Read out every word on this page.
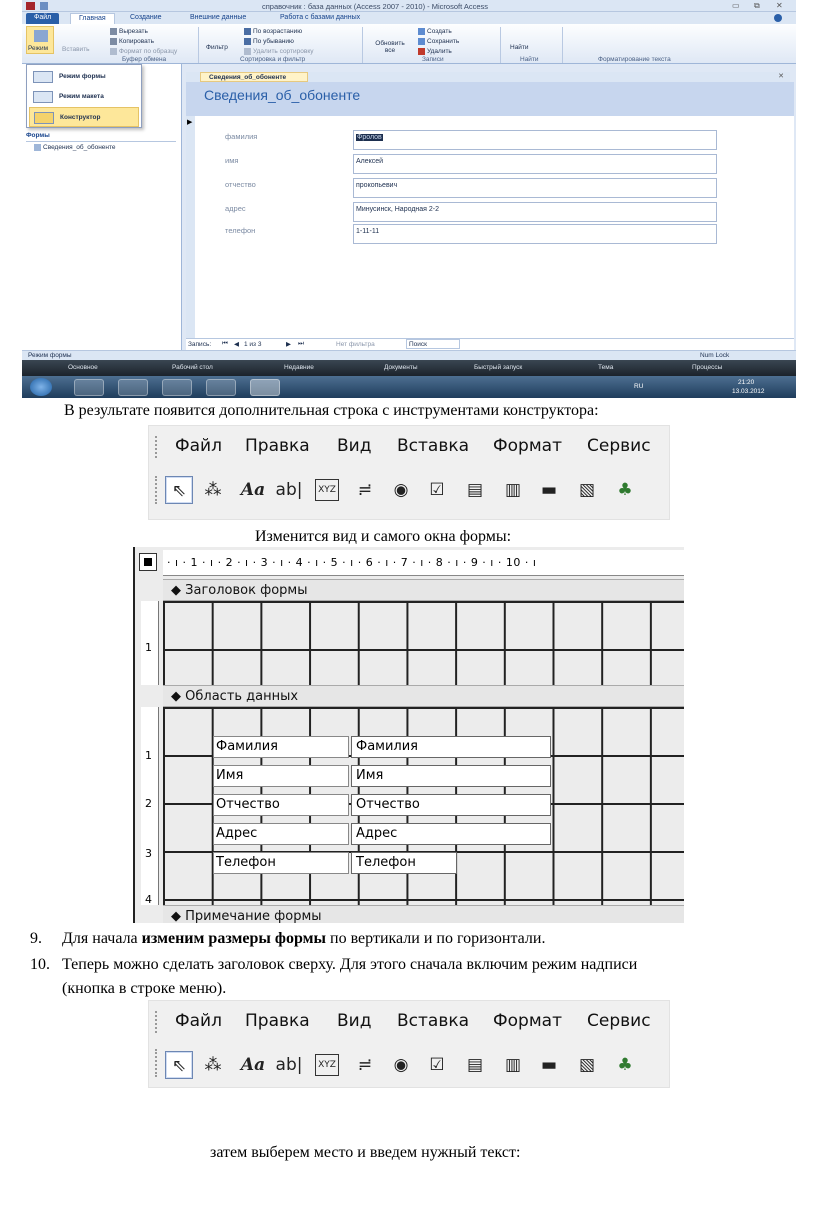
справочник : база данных (Access 2007 - 2010) - Microsoft Access	▭ ⧉ ✕
Файл	Главная	Создание	Внешние данные	Работа с базами данных
Режим Вставить
Вырезать
Копировать
Формат по образцу
Буфер обмена
Фильтр
По возрастанию
По убыванию
Удалить сортировку
Сортировка и фильтр
Обновить все
Создать
Сохранить
Удалить
Записи
Найти
Найти	Форматирование текста
Формы
Сведения_об_обоненте
Режим формы
Режим макета
Конструктор
Сведения_об_обоненте	✕
Сведения_об_обоненте
▶
фамилия	Фролов
имя	Алексей
отчество	прокопьевич
адрес	Минусинск, Народная 2-2
телефон	1-11-11
Запись: ⏮ ◀ 1 из 3	▶ ⏭	Нет фильтра	Поиск
Режим формы	Num Lock
Основное	Рабочий стол	Недавние	Документы	Быстрый запуск	Тема	Процессы
RU
21:20
13.03.2012
В результате появится дополнительная строка с инструментами конструктора:
Файл Правка Вид Вставка Формат Сервис
⇖	⁂	Aa ab|	XYZ	≓	◉	☑	▤	▥	▬	▧	♣
Изменится вид и самого окна формы:
· ı · 1 · ı · 2 · ı · 3 · ı · 4 · ı · 5 · ı · 6 · ı · 7 · ı · 8 · ı · 9 · ı · 10 · ı
1
◆ Заголовок формы
◆ Область данных
1
2
3
4
Фамилия	Фамилия
Имя	Имя
Отчество	Отчество
Адрес	Адрес
Телефон	Телефон
◆ Примечание формы
9. Для начала изменим размеры формы по вертикали и по горизонтали.
10. Теперь можно сделать заголовок сверху. Для этого сначала включим режим надписи
(кнопка в строке меню).
Файл Правка Вид Вставка Формат Сервис
⇖	⁂	Aa ab|	XYZ	≓	◉	☑	▤	▥	▬	▧	♣
затем выберем место и введем нужный текст:
